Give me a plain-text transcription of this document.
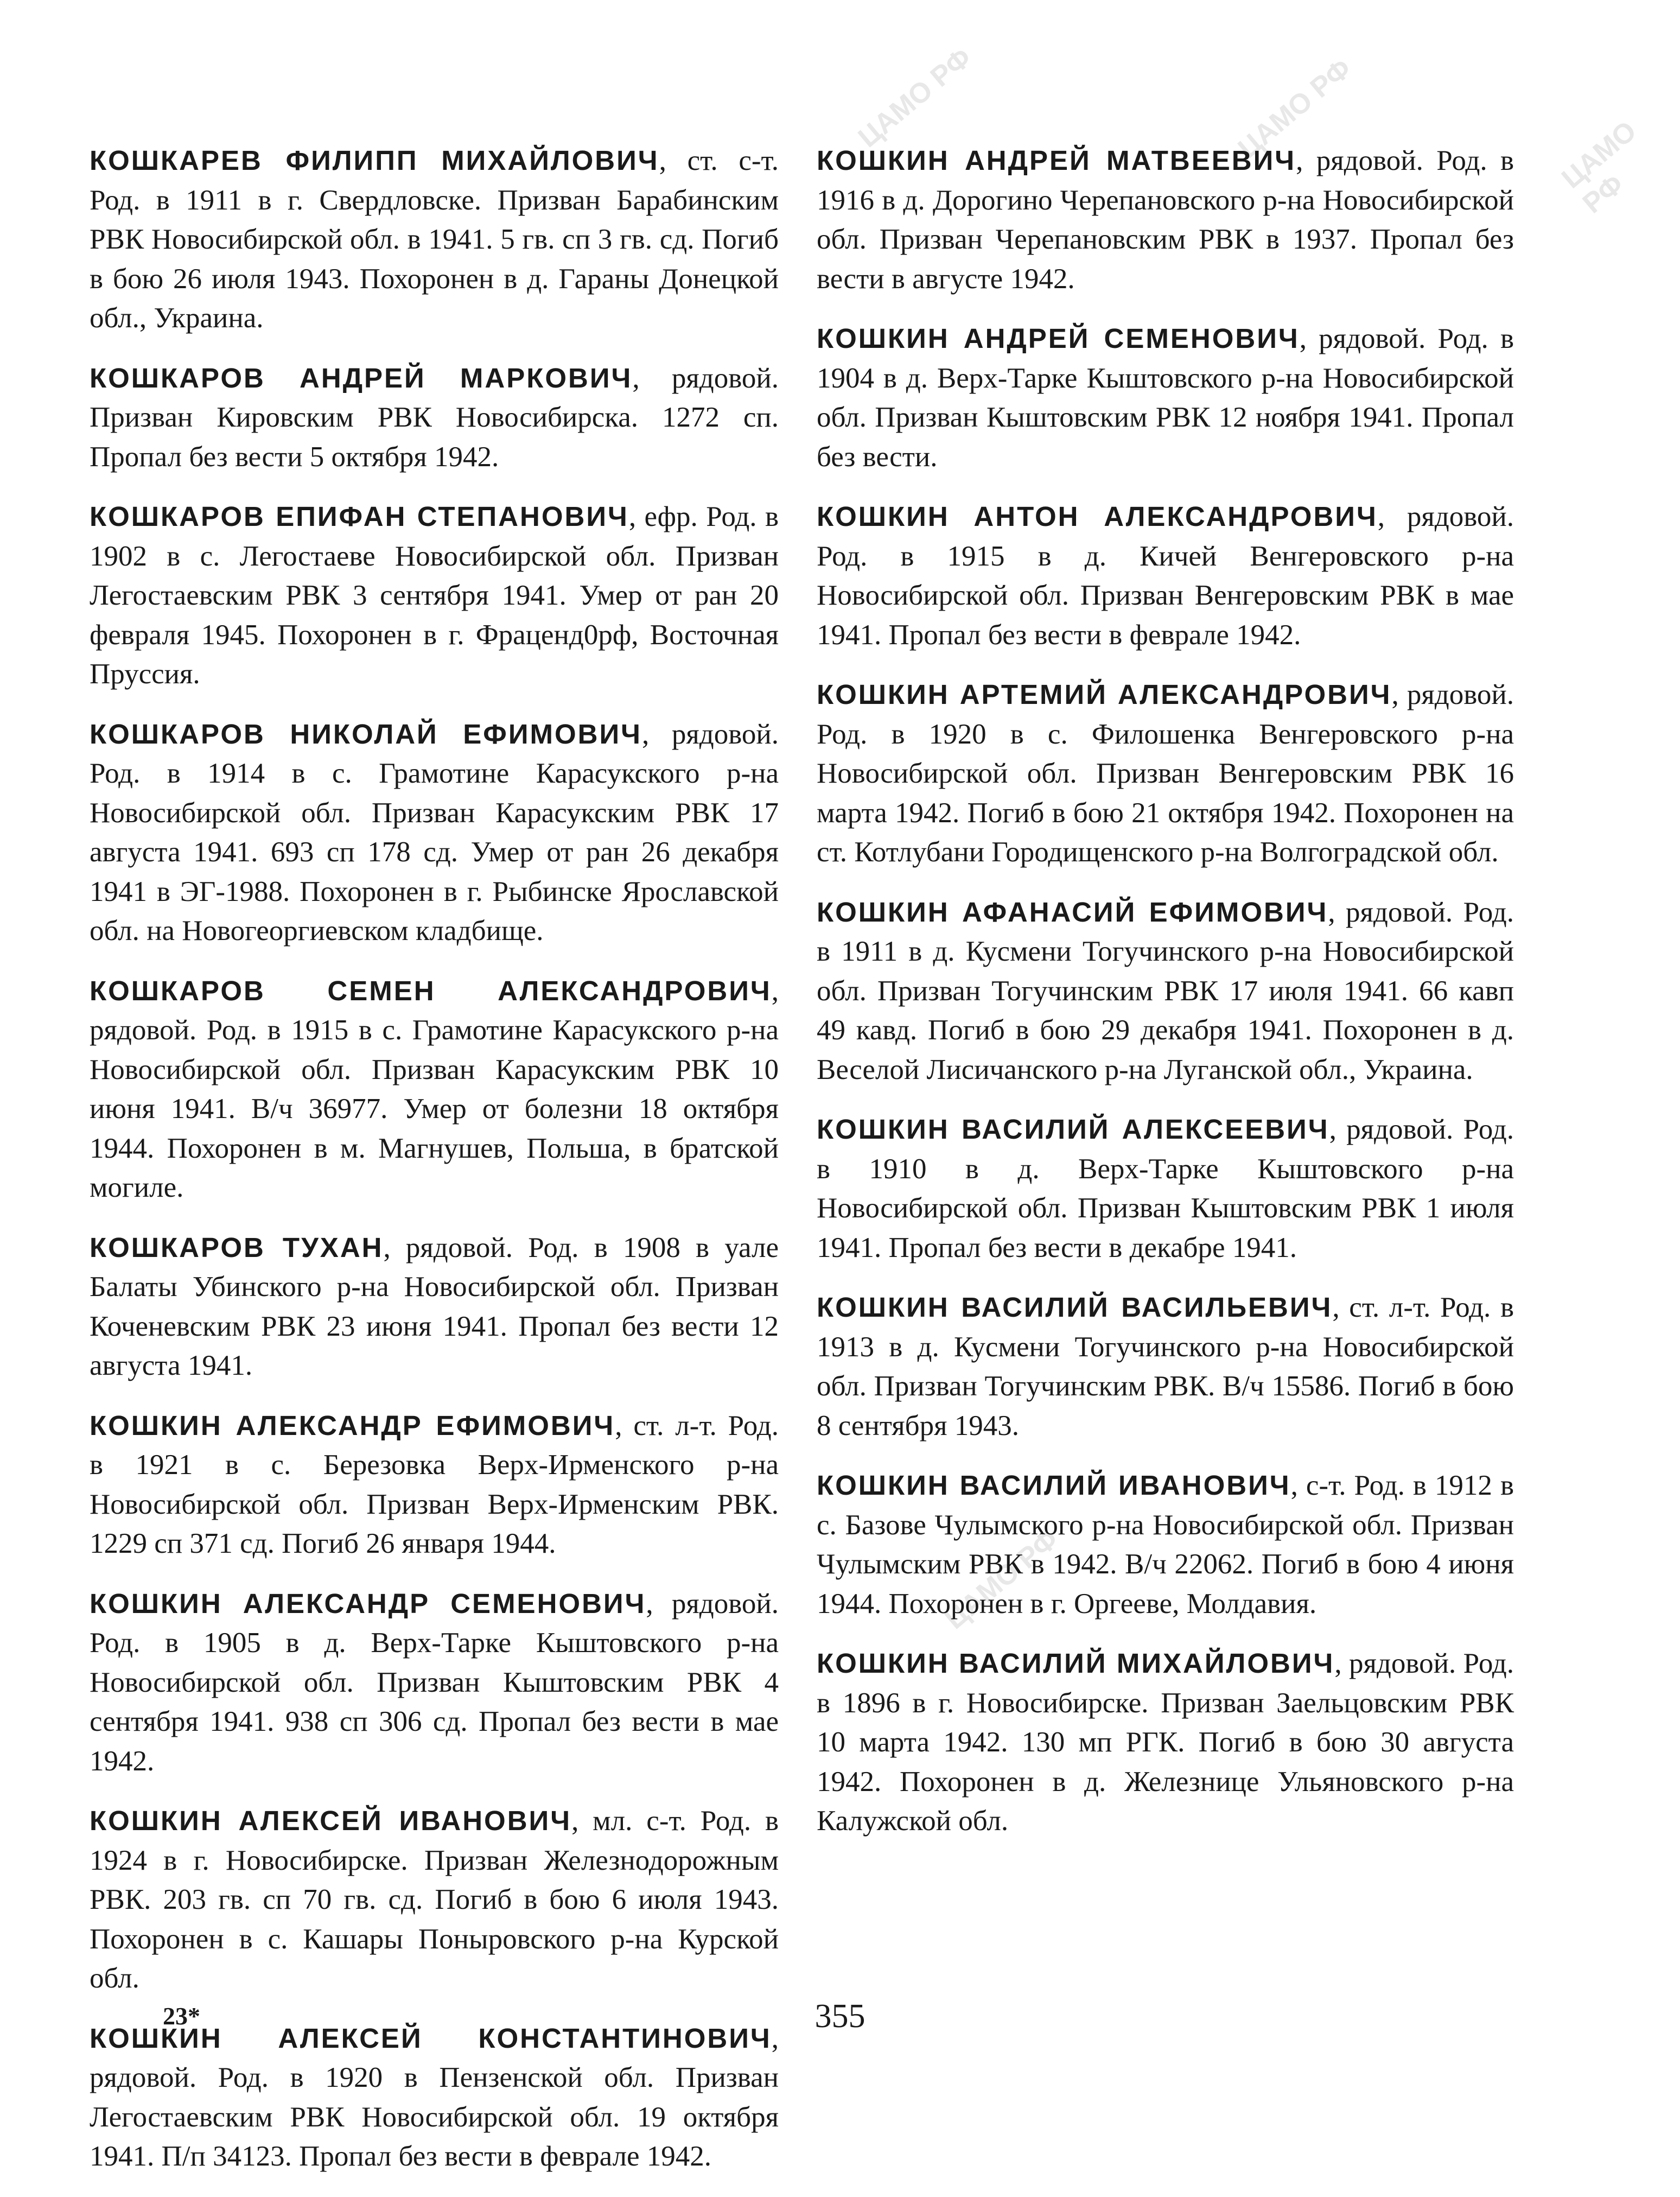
ЦАМО РФ	ЦАМО РФ	ЦАМО РФ
ЦАМО РФ

КОШКАРЕВ ФИЛИПП МИХАЙЛОВИЧ, ст. с-т. Род. в 1911 в г. Свердловске. Призван Барабинским РВК Новосибирской обл. в 1941. 5 гв. сп 3 гв. сд. Погиб в бою 26 июля 1943. Похоронен в д. Гараны Донецкой обл., Украина.

КОШКАРОВ АНДРЕЙ МАРКОВИЧ, рядовой. Призван Кировским РВК Новосибирска. 1272 сп. Пропал без вести 5 октября 1942.

КОШКАРОВ ЕПИФАН СТЕПАНОВИЧ, ефр. Род. в 1902 в с. Легостаеве Новосибирской обл. Призван Легостаевским РВК 3 сентября 1941. Умер от ран 20 февраля 1945. Похоронен в г. Фраценд0рф, Восточная Пруссия.

КОШКАРОВ НИКОЛАЙ ЕФИМОВИЧ, рядовой. Род. в 1914 в с. Грамотине Карасукского р-на Новосибирской обл. Призван Карасукским РВК 17 августа 1941. 693 сп 178 сд. Умер от ран 26 декабря 1941 в ЭГ-1988. Похоронен в г. Рыбинске Ярославской обл. на Новогеоргиевском кладбище.

КОШКАРОВ СЕМЕН АЛЕКСАНДРОВИЧ, рядовой. Род. в 1915 в с. Грамотине Карасукского р-на Новосибирской обл. Призван Карасукским РВК 10 июня 1941. В/ч 36977. Умер от болезни 18 октября 1944. Похоронен в м. Магнушев, Польша, в братской могиле.

КОШКАРОВ ТУХАН, рядовой. Род. в 1908 в уале Балаты Убинского р-на Новосибирской обл. Призван Коченевским РВК 23 июня 1941. Пропал без вести 12 августа 1941.

КОШКИН АЛЕКСАНДР ЕФИМОВИЧ, ст. л-т. Род. в 1921 в с. Березовка Верх-Ирменского р-на Новосибирской обл. Призван Верх-Ирменским РВК. 1229 сп 371 сд. Погиб 26 января 1944.

КОШКИН АЛЕКСАНДР СЕМЕНОВИЧ, рядовой. Род. в 1905 в д. Верх-Тарке Кыштовского р-на Новосибирской обл. Призван Кыштовским РВК 4 сентября 1941. 938 сп 306 сд. Пропал без вести в мае 1942.

КОШКИН АЛЕКСЕЙ ИВАНОВИЧ, мл. с-т. Род. в 1924 в г. Новосибирске. Призван Железнодорожным РВК. 203 гв. сп 70 гв. сд. Погиб в бою 6 июля 1943. Похоронен в с. Кашары Поныровского р-на Курской обл.

КОШКИН АЛЕКСЕЙ КОНСТАНТИНОВИЧ, рядовой. Род. в 1920 в Пензенской обл. Призван Легостаевским РВК Новосибирской обл. 19 октября 1941. П/п 34123. Пропал без вести в феврале 1942.

КОШКИН АНДРЕЙ МАТВЕЕВИЧ, рядовой. Род. в 1916 в д. Дорогино Черепановского р-на Новосибирской обл. Призван Черепановским РВК в 1937. Пропал без вести в августе 1942.

КОШКИН АНДРЕЙ СЕМЕНОВИЧ, рядовой. Род. в 1904 в д. Верх-Тарке Кыштовского р-на Новосибирской обл. Призван Кыштовским РВК 12 ноября 1941. Пропал без вести.

КОШКИН АНТОН АЛЕКСАНДРОВИЧ, рядовой. Род. в 1915 в д. Кичей Венгеровского р-на Новосибирской обл. Призван Венгеровским РВК в мае 1941. Пропал без вести в феврале 1942.

КОШКИН АРТЕМИЙ АЛЕКСАНДРОВИЧ, рядовой. Род. в 1920 в с. Филошенка Венгеровского р-на Новосибирской обл. Призван Венгеровским РВК 16 марта 1942. Погиб в бою 21 октября 1942. Похоронен на ст. Котлубани Городищенского р-на Волгоградской обл.

КОШКИН АФАНАСИЙ ЕФИМОВИЧ, рядовой. Род. в 1911 в д. Кусмени Тогучинского р-на Новосибирской обл. Призван Тогучинским РВК 17 июля 1941. 66 кавп 49 кавд. Погиб в бою 29 декабря 1941. Похоронен в д. Веселой Лисичанского р-на Луганской обл., Украина.

КОШКИН ВАСИЛИЙ АЛЕКСЕЕВИЧ, рядовой. Род. в 1910 в д. Верх-Тарке Кыштовского р-на Новосибирской обл. Призван Кыштовским РВК 1 июля 1941. Пропал без вести в декабре 1941.

КОШКИН ВАСИЛИЙ ВАСИЛЬЕВИЧ, ст. л-т. Род. в 1913 в д. Кусмени Тогучинского р-на Новосибирской обл. Призван Тогучинским РВК. В/ч 15586. Погиб в бою 8 сентября 1943.

КОШКИН ВАСИЛИЙ ИВАНОВИЧ, с-т. Род. в 1912 в с. Базове Чулымского р-на Новосибирской обл. Призван Чулымским РВК в 1942. В/ч 22062. Погиб в бою 4 июня 1944. Похоронен в г. Оргееве, Молдавия.

КОШКИН ВАСИЛИЙ МИХАЙЛОВИЧ, рядовой. Род. в 1896 в г. Новосибирске. Призван Заельцовским РВК 10 марта 1942. 130 мп РГК. Погиб в бою 30 августа 1942. Похоронен в д. Железнице Ульяновского р-на Калужской обл.

23*	355
